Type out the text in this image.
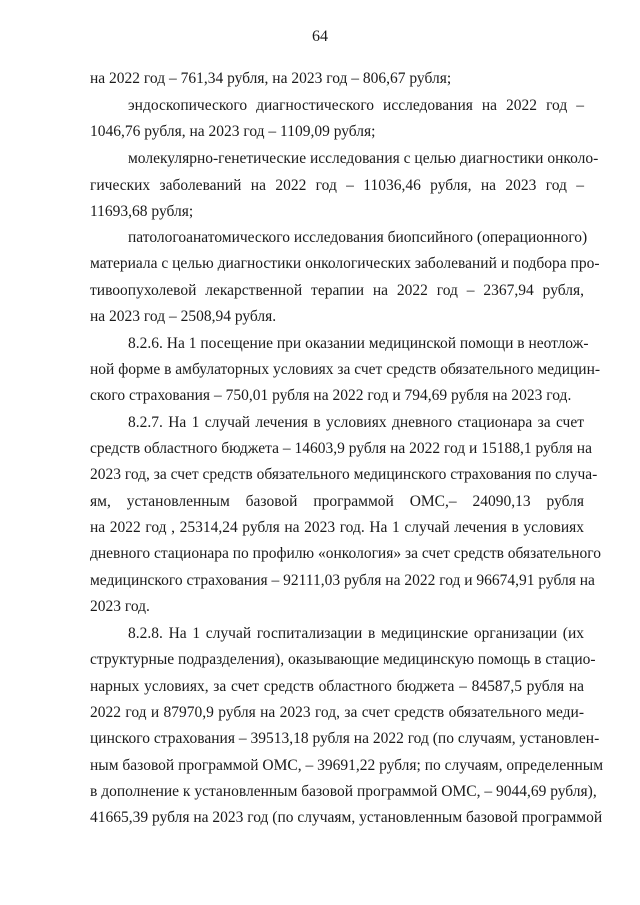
64
на 2022 год – 761,34 рубля, на 2023 год – 806,67 рубля;
эндоскопического диагностического исследования на 2022 год –
1046,76 рубля, на 2023 год – 1109,09 рубля;
молекулярно-генетические исследования с целью диагностики онколо-
гических заболеваний на 2022 год – 11036,46 рубля, на 2023 год –
11693,68 рубля;
патологоанатомического исследования биопсийного (операционного)
материала с целью диагностики онкологических заболеваний и подбора про-
тивоопухолевой лекарственной терапии на 2022 год – 2367,94 рубля,
на 2023 год – 2508,94 рубля.
8.2.6. На 1 посещение при оказании медицинской помощи в неотлож-
ной форме в амбулаторных условиях за счет средств обязательного медицин-
ского страхования – 750,01 рубля на 2022 год и 794,69 рубля на 2023 год.
8.2.7. На 1 случай лечения в условиях дневного стационара за счет
средств областного бюджета – 14603,9 рубля на 2022 год и 15188,1 рубля на
2023 год, за счет средств обязательного медицинского страхования по случа-
ям, установленным базовой программой ОМС,– 24090,13 рубля
на 2022 год , 25314,24 рубля на 2023 год. На 1 случай лечения в условиях
дневного стационара по профилю «онкология» за счет средств обязательного
медицинского страхования – 92111,03 рубля на 2022 год и 96674,91 рубля на
2023 год.
8.2.8. На 1 случай госпитализации в медицинские организации (их
структурные подразделения), оказывающие медицинскую помощь в стацио-
нарных условиях, за счет средств областного бюджета – 84587,5 рубля на
2022 год и 87970,9 рубля на 2023 год, за счет средств обязательного меди-
цинского страхования – 39513,18 рубля на 2022 год (по случаям, установлен-
ным базовой программой ОМС, – 39691,22 рубля; по случаям, определенным
в дополнение к установленным базовой программой ОМС, – 9044,69 рубля),
41665,39 рубля на 2023 год (по случаям, установленным базовой программой
